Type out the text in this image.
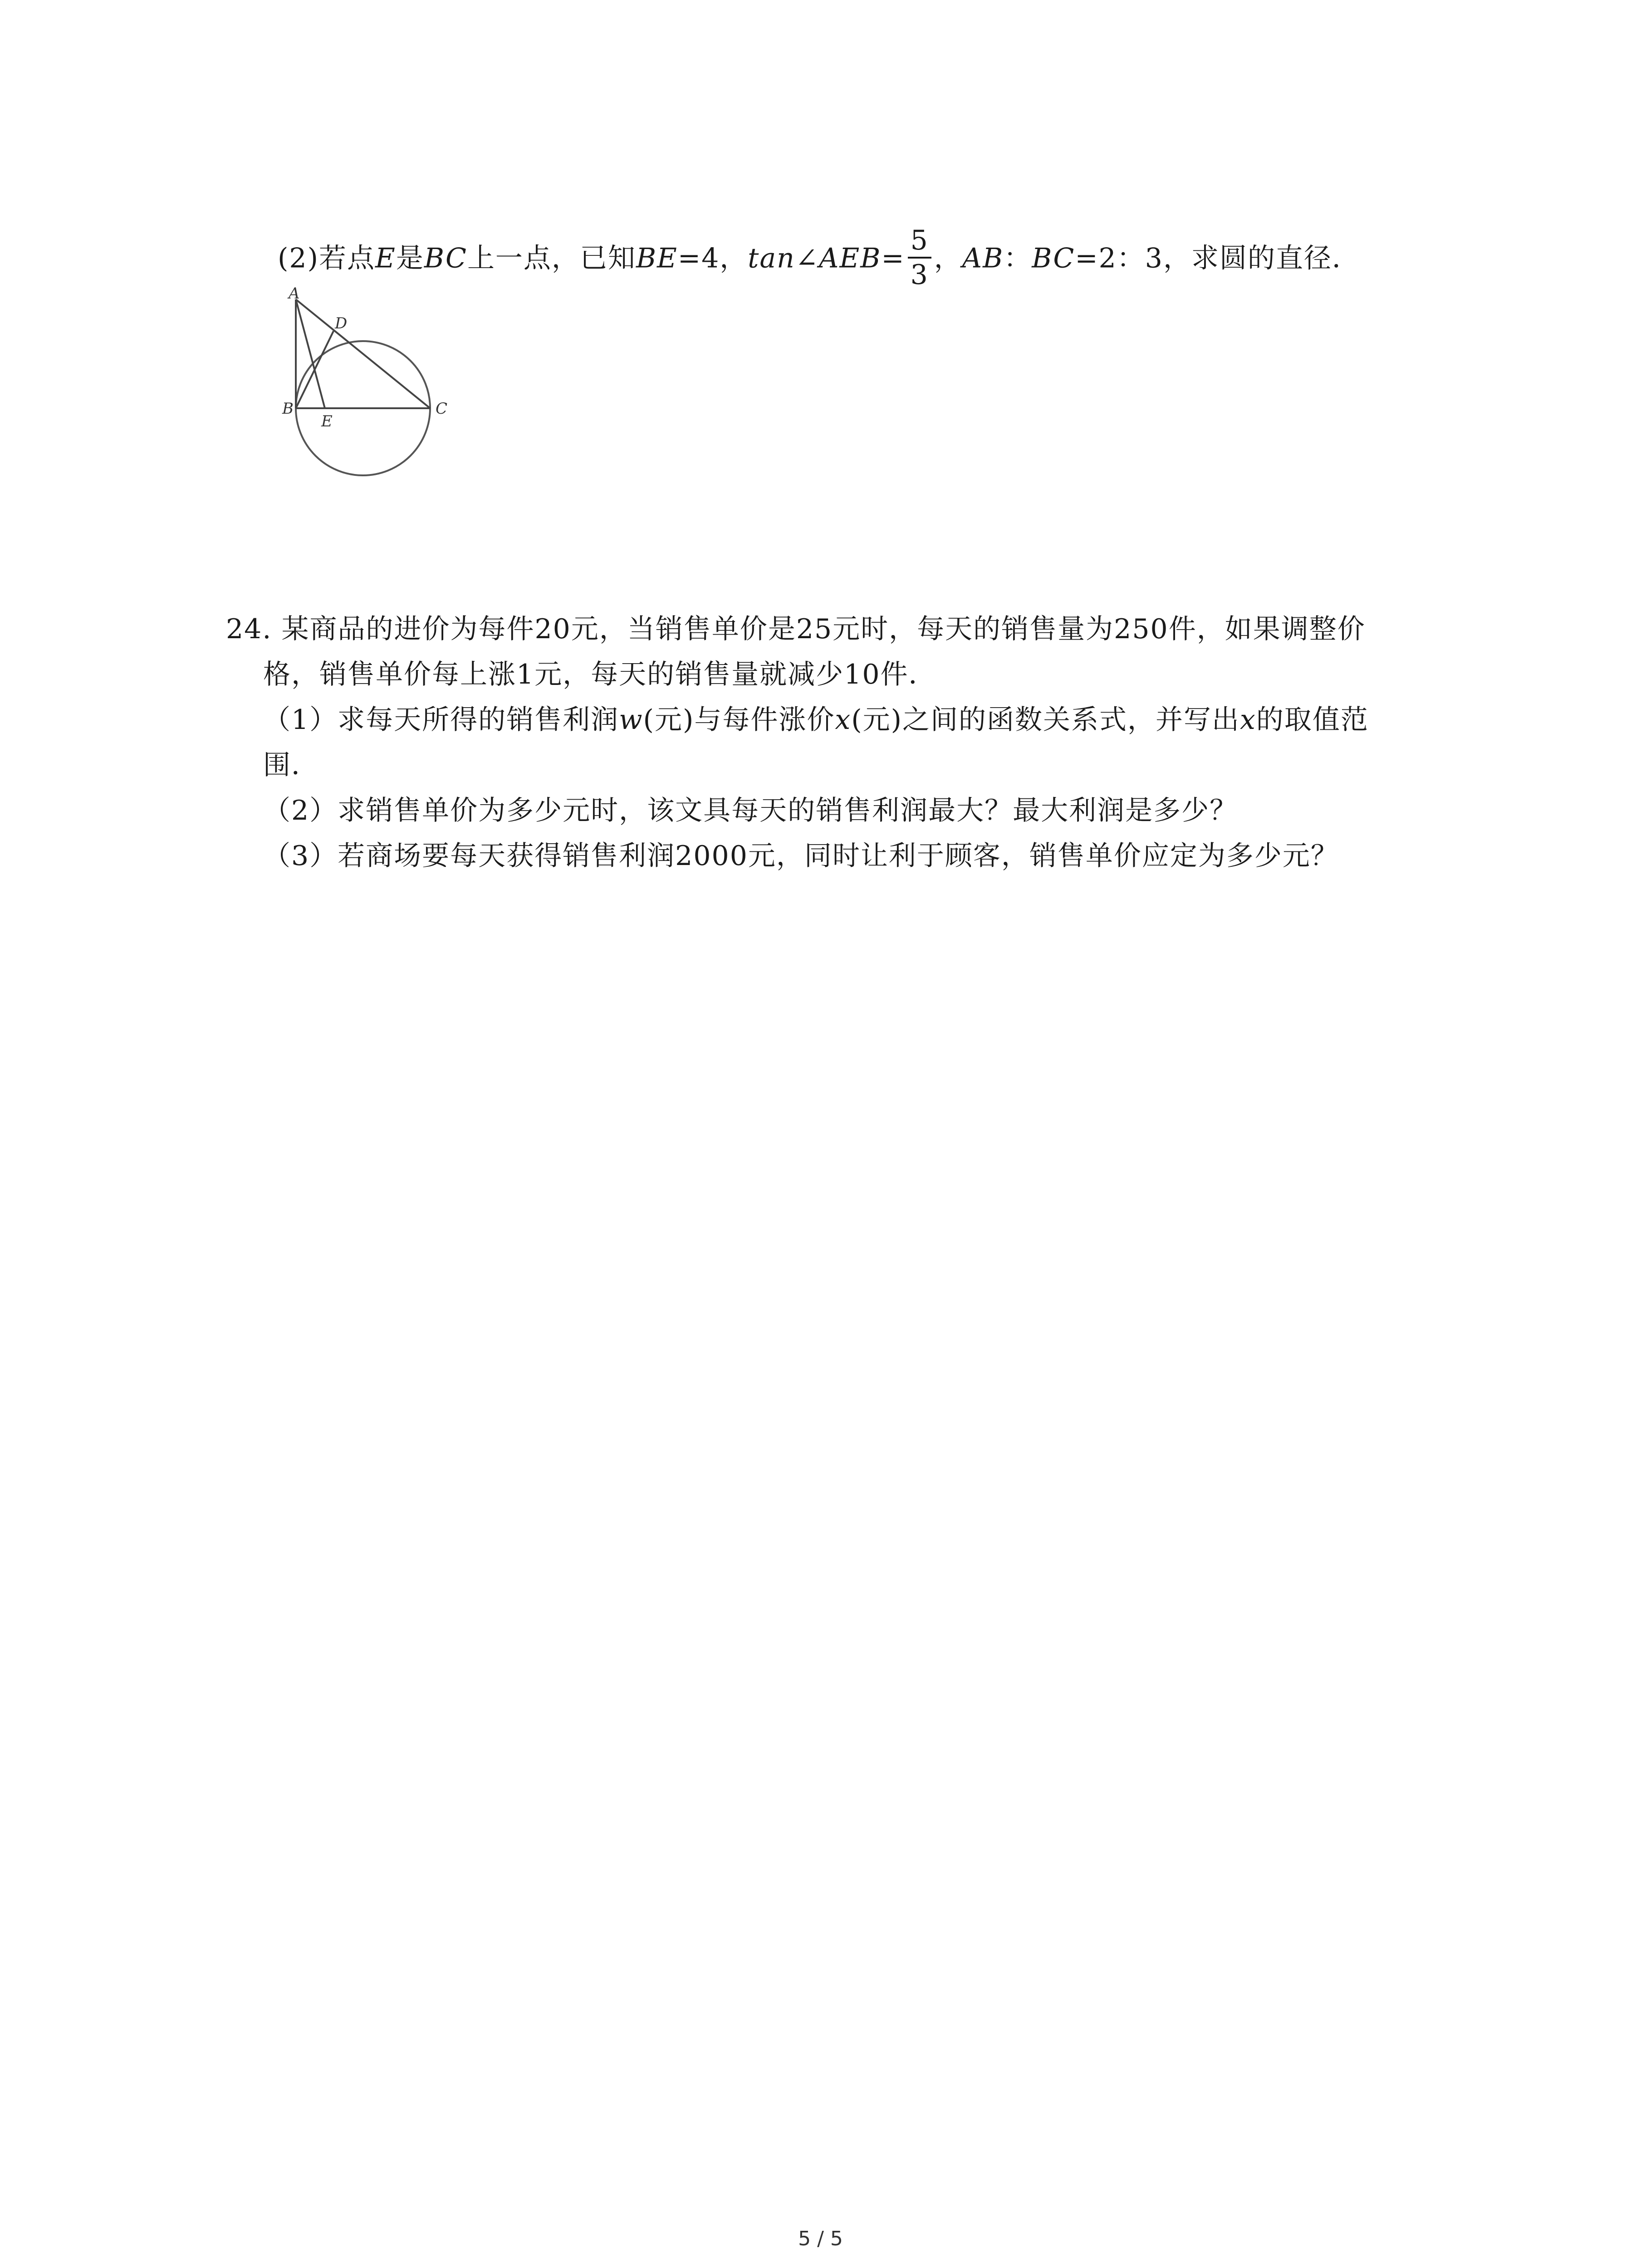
(2)若点E是BC上一点，已知BE=4，tan∠AEB= $\frac{5}{3}$ ，AB：BC=2：3，求圆的直径．
A
B	C
D
E
24. 某商品的进价为每件20元，当销售单价是25元时，每天的销售量为250件，如果调整价
格，销售单价每上涨1元，每天的销售量就减少10件．
（1）求每天所得的销售利润w(元)与每件涨价x(元)之间的函数关系式，并写出x的取值范
围．
（2）求销售单价为多少元时，该文具每天的销售利润最大？最大利润是多少？
（3）若商场要每天获得销售利润2000元，同时让利于顾客，销售单价应定为多少元？
5 / 5
